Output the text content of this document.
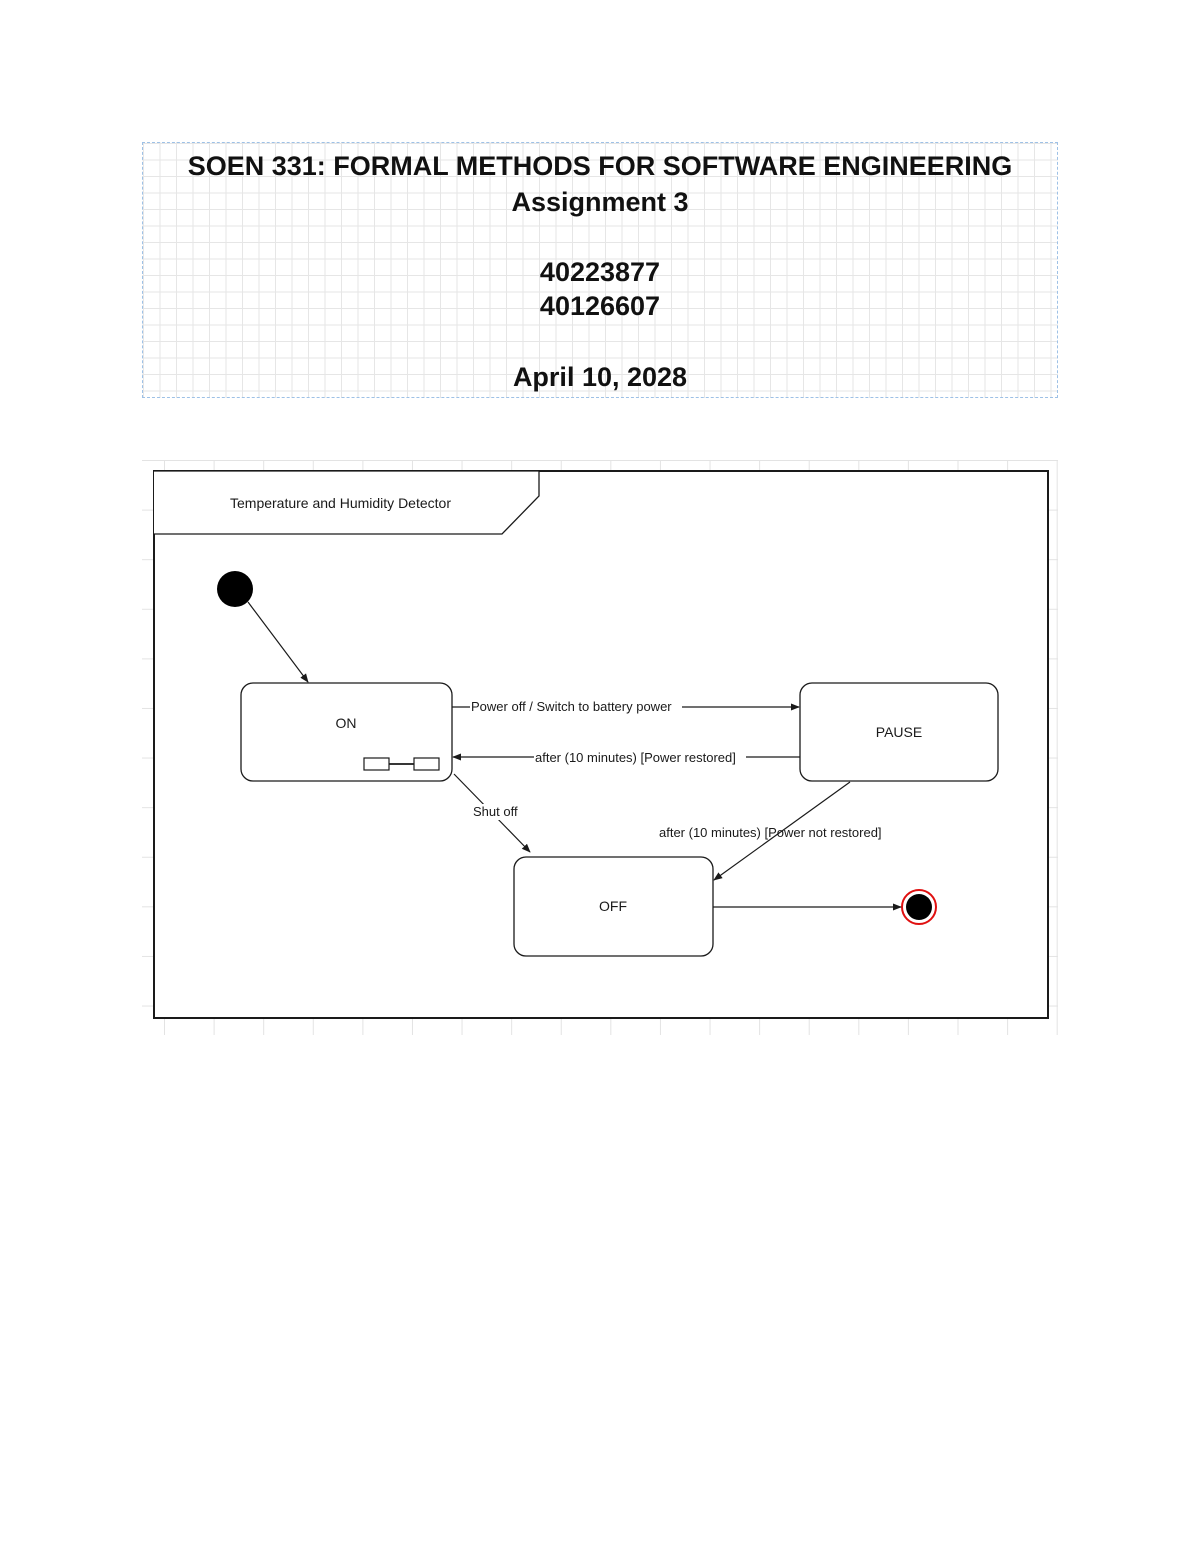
SOEN 331: FORMAL METHODS FOR SOFTWARE ENGINEERING
Assignment 3
40223877
40126607
April 10, 2028
Temperature and Humidity Detector
ON
PAUSE
OFF
Power off / Switch to battery power
after (10 minutes) [Power restored]
Shut off
after (10 minutes) [Power not restored]
